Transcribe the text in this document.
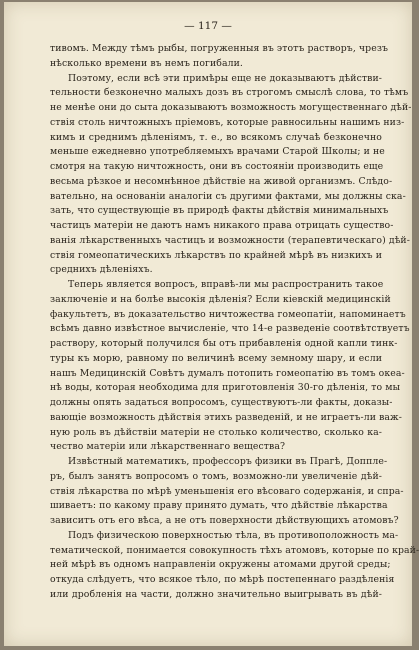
— 117 —
тивомъ. Между тѣмъ рыбы, погруженныя въ этотъ растворъ, чрезъ
нѣсколько времени въ немъ погибали.
Поэтому, если всѣ эти примѣры еще не доказываютъ дѣйстви-
тельности безконечно малыхъ дозъ въ строгомъ смыслѣ слова, то тѣмъ
не менѣе они до сыта доказываютъ возможность могущественнаго дѣй-
ствія столь ничтожныхъ пріемовъ, которые равносильны нашимъ низ-
кимъ и среднимъ дѣленіямъ, т. е., во всякомъ случаѣ безконечно
меньше ежедневно употребляемыхъ врачами Старой Школы; и не
смотря на такую ничтожность, они въ состояніи производить еще
весьма рѣзкое и несомнѣнное дѣйствіе на живой организмъ. Слѣдо-
вательно, на основаніи аналогіи съ другими фактами, мы должны ска-
зать, что существующіе въ природѣ факты дѣйствія минимальныхъ
частицъ матеріи не даютъ намъ никакого права отрицать существо-
ванія лѣкарственныхъ частицъ и возможности (терапевтическаго) дѣй-
ствія гомеопатическихъ лѣкарствъ по крайней мѣрѣ въ низкихъ и
среднихъ дѣленіяхъ.
Теперь является вопросъ, вправѣ-ли мы распространить такое
заключеніе и на болѣе высокія дѣленія? Если кіевскій медицинскій
факультетъ, въ доказательство ничтожества гомеопатіи, напоминаетъ
всѣмъ давно извѣстное вычисленіе, что 14-е разведеніе соотвѣтствуетъ
раствору, который получился бы отъ прибавленія одной капли тинк-
туры къ морю, равному по величинѣ всему земному шару, и если
нашъ Медицинскій Совѣтъ думалъ потопить гомеопатію въ томъ океа-
нѣ воды, которая необходима для приготовленія 30-го дѣленія, то мы
должны опять задаться вопросомъ, существуютъ-ли факты, доказы-
вающіе возможность дѣйствія этихъ разведеній, и не играетъ-ли важ-
ную роль въ дѣйствіи матеріи не столько количество, сколько ка-
чество матеріи или лѣкарственнаго вещества?
Извѣстный математикъ, профессоръ физики въ Прагѣ, Доппле-
ръ, былъ занятъ вопросомъ о томъ, возможно-ли увеличеніе дѣй-
ствія лѣкарства по мѣрѣ уменьшенія его вѣсоваго содержанія, и спра-
шиваетъ: по какому праву принято думать, что дѣйствіе лѣкарства
зависитъ отъ его вѣса, а не отъ поверхности дѣйствующихъ атомовъ?
Подъ физическою поверхностью тѣла, въ противоположность ма-
тематической, понимается совокупность тѣхъ атомовъ, которые по край-
ней мѣрѣ въ одномъ направленіи окружены атомами другой среды;
откуда слѣдуетъ, что всякое тѣло, по мѣрѣ постепеннаго раздѣленія
или дробленія на части, должно значительно выигрывать въ дѣй-
